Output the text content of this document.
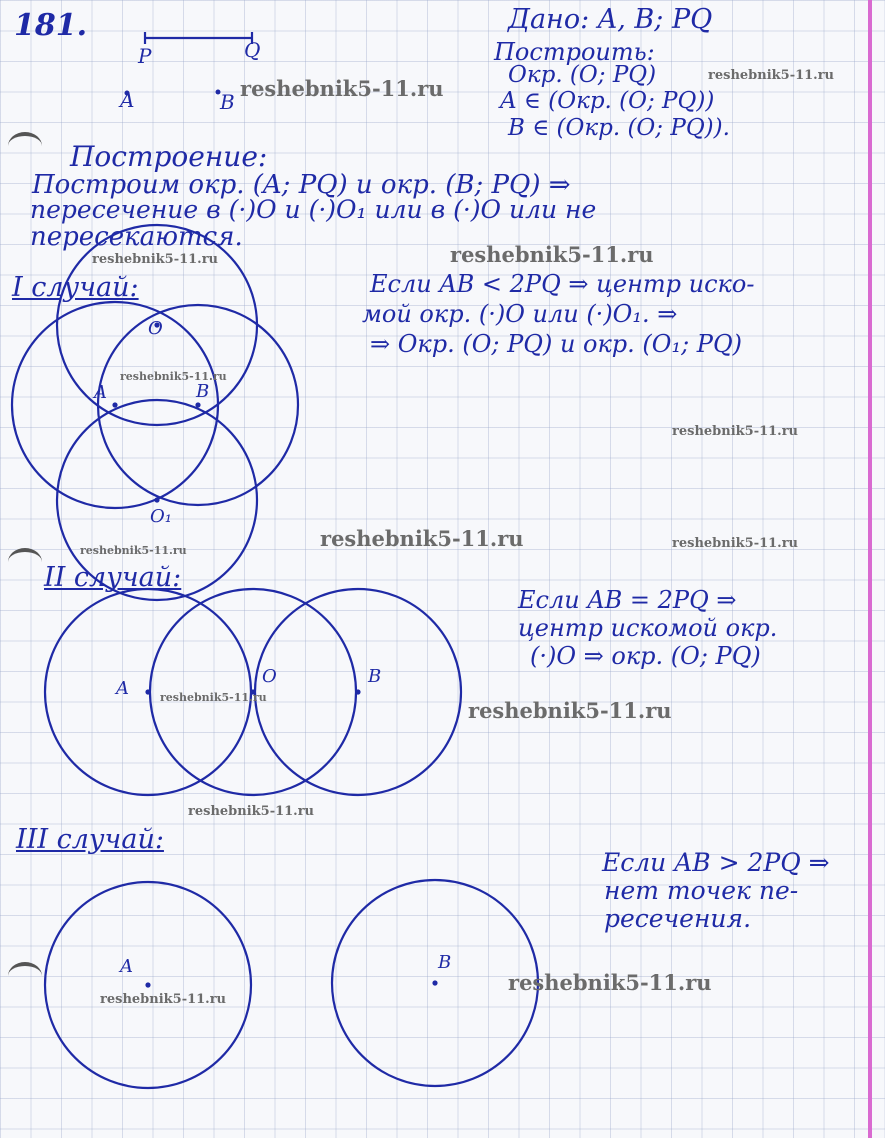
181.
P	Q
A	B
Дано: A, B; PQ
Построить:
Окр. (O; PQ)
A ∈ (Окр. (O; PQ))
B ∈ (Окр. (O; PQ)).
Построение:
Построим окр. (A; PQ) и окр. (B; PQ) ⇒
пересечение в (·)O и (·)O₁ или в (·)O или не
пересекаются.
I случай:	Если AB < 2PQ ⇒ центр иско-
мой окр. (·)O или (·)O₁. ⇒
⇒ Окр. (O; PQ) и окр. (O₁; PQ)
O
A	B
O₁
II случай:
Если AB = 2PQ ⇒
центр искомой окр.
(·)O ⇒ окр. (O; PQ)
A
O	B
III случай:
Если AB > 2PQ ⇒
нет точек пе-
ресечения.
A	B
reshebnik5-11.ru
reshebnik5-11.ru
reshebnik5-11.ru
reshebnik5-11.ru
reshebnik5-11.ru
reshebnik5-11.ru
reshebnik5-11.ru
reshebnik5-11.ru	reshebnik5-11.ru
reshebnik5-11.ru
reshebnik5-11.ru
reshebnik5-11.ru
reshebnik5-11.ru
reshebnik5-11.ru
